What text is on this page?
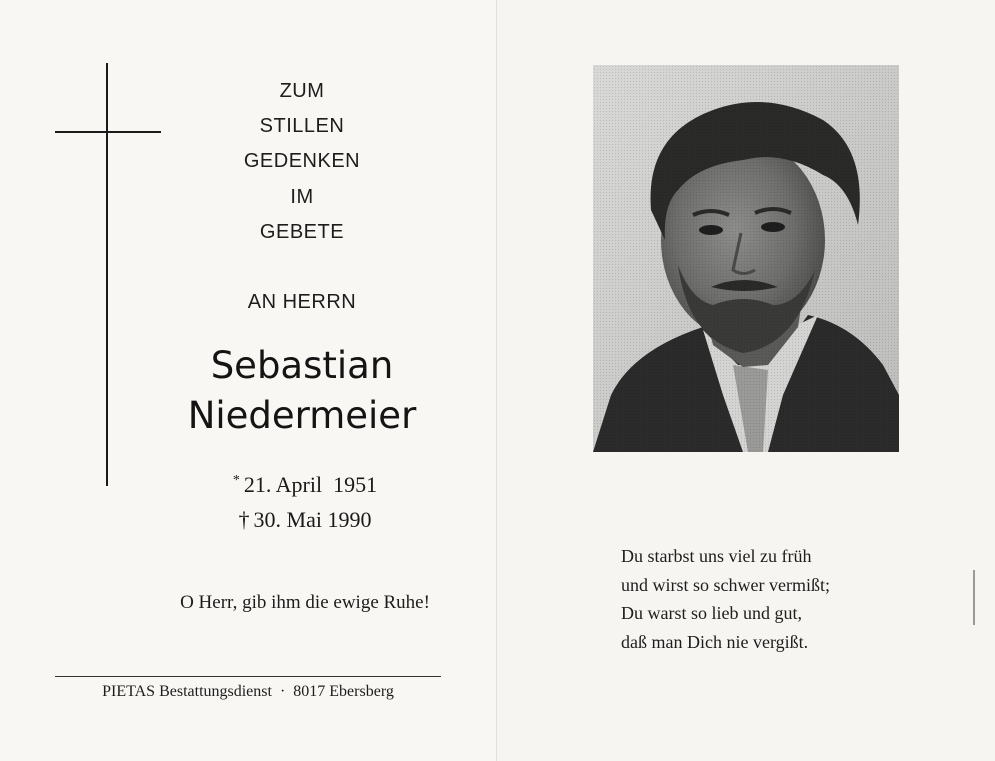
ZUM
STILLEN
GEDENKEN
IM
GEBETE
AN HERRN
Sebastian
Niedermeier
* 21. April  1951
† 30. Mai 1990
O Herr, gib ihm die ewige Ruhe!
PIETAS Bestattungsdienst · 8017 Ebersberg
Du starbst uns viel zu früh
und wirst so schwer vermißt;
Du warst so lieb und gut,
daß man Dich nie vergißt.
